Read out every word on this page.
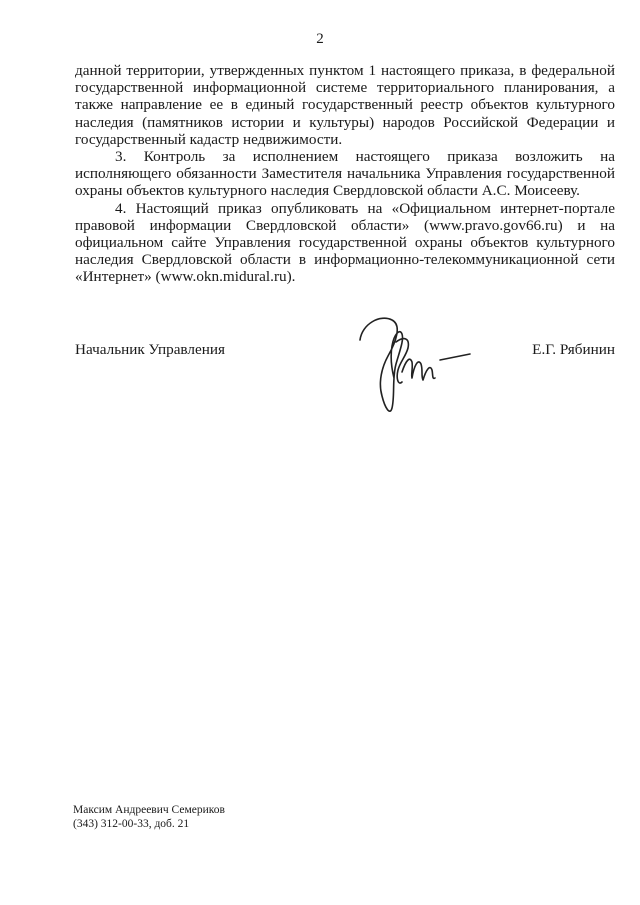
2

данной территории, утвержденных пунктом 1 настоящего приказа, в федеральной государственной информационной системе территориального планирования, а также направление ее в единый государственный реестр объектов культурного наследия (памятников истории и культуры) народов Российской Федерации и государственный кадастр недвижимости.

3. Контроль за исполнением настоящего приказа возложить на исполняющего обязанности Заместителя начальника Управления государственной охраны объектов культурного наследия Свердловской области А.С. Моисееву.

4. Настоящий приказ опубликовать на «Официальном интернет-портале правовой информации Свердловской области» (www.pravo.gov66.ru) и на официальном сайте Управления государственной охраны объектов культурного наследия Свердловской области в информационно-телекоммуникационной сети «Интернет» (www.okn.midural.ru).

Начальник Управления	Е.Г. Рябинин
Максим Андреевич Семериков
(343) 312-00-33, доб. 21
